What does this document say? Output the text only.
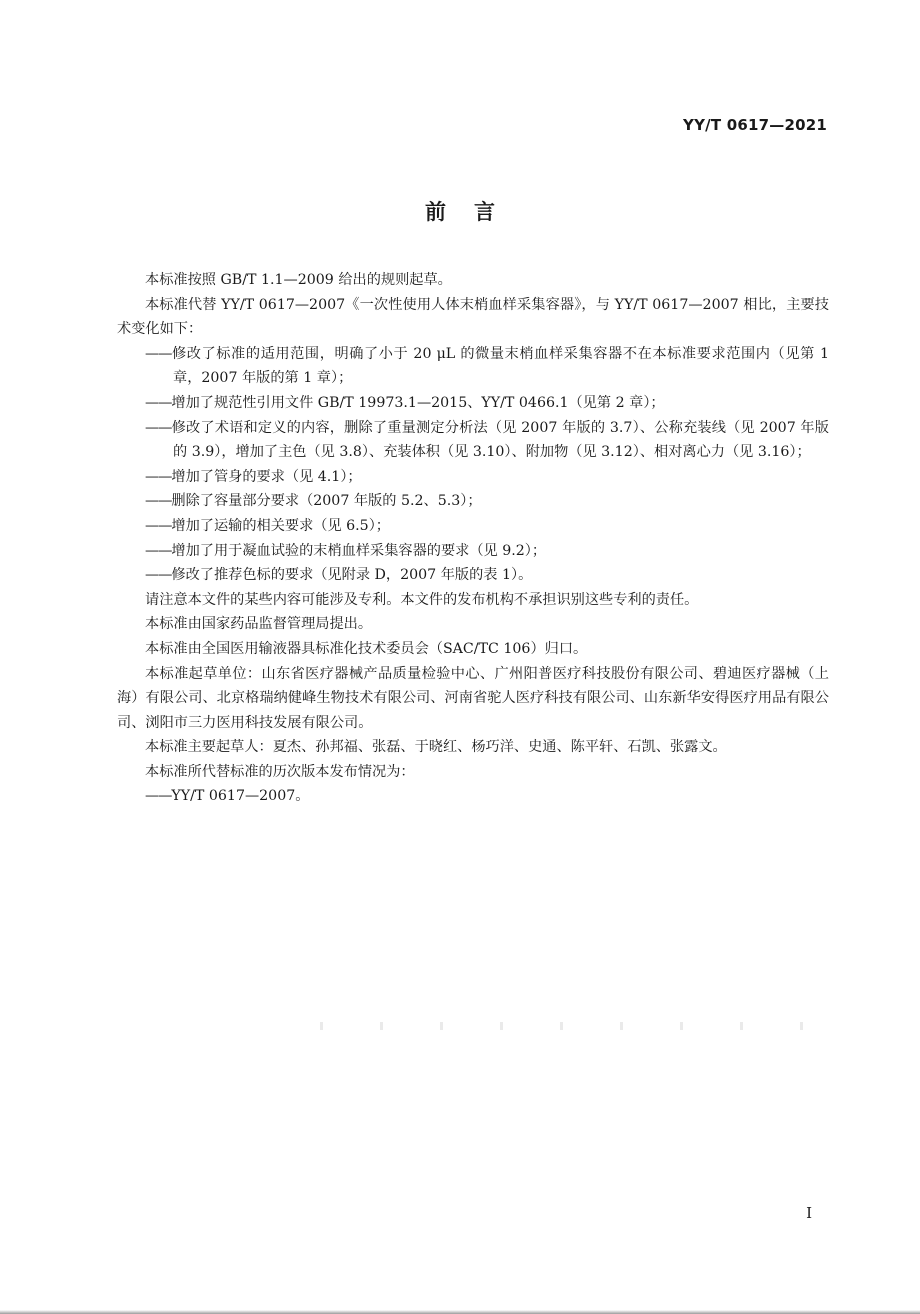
YY/T 0617—2021
前言

本标准按照 GB/T 1.1—2009 给出的规则起草。

本标准代替 YY/T 0617—2007《一次性使用人体末梢血样采集容器》，与 YY/T 0617—2007 相比，主要技术变化如下：

——修改了标准的适用范围，明确了小于 20 μL 的微量末梢血样采集容器不在本标准要求范围内（见第 1 章，2007 年版的第 1 章）；

——增加了规范性引用文件 GB/T 19973.1—2015、YY/T 0466.1（见第 2 章）；

——修改了术语和定义的内容，删除了重量测定分析法（见 2007 年版的 3.7）、公称充装线（见 2007 年版的 3.9），增加了主色（见 3.8）、充装体积（见 3.10）、附加物（见 3.12）、相对离心力（见 3.16）；

——增加了管身的要求（见 4.1）；

——删除了容量部分要求（2007 年版的 5.2、5.3）；

——增加了运输的相关要求（见 6.5）；

——增加了用于凝血试验的末梢血样采集容器的要求（见 9.2）；

——修改了推荐色标的要求（见附录 D，2007 年版的表 1）。

请注意本文件的某些内容可能涉及专利。本文件的发布机构不承担识别这些专利的责任。

本标准由国家药品监督管理局提出。

本标准由全国医用输液器具标准化技术委员会（SAC/TC 106）归口。

本标准起草单位：山东省医疗器械产品质量检验中心、广州阳普医疗科技股份有限公司、碧迪医疗器械（上海）有限公司、北京格瑞纳健峰生物技术有限公司、河南省驼人医疗科技有限公司、山东新华安得医疗用品有限公司、浏阳市三力医用科技发展有限公司。

本标准主要起草人：夏杰、孙邦福、张磊、于晓红、杨巧洋、史通、陈平轩、石凯、张露文。

本标准所代替标准的历次版本发布情况为：

——YY/T 0617—2007。

I
